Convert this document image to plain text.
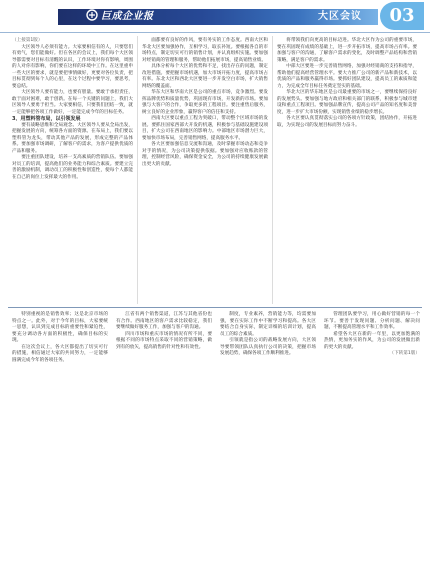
巨成企业报	大区会议	03

（上接第1版）

大区领导人必须有能力。大家要相信有的人，只要您们有勇气，您们能做好。但在各区的会议上，我们每个大区领导都需要对目标有清醒的认识，工作环境对你有影响，周围的人对你有影响，你们要在这样的环境中工作。在这里重申一些大区的要求，就是要把事情做好，更要对各位负责，把目标贯彻到每个人的心里，在这个过程中要学习，要思考，要总结。

大区领导人要有能力，也要有胆量。要敢于承担责任，敢于面对困难，敢于创新。在每一个关键的问题上，我们大区领导人要勇于担当。大家要相信，只要我们团结一致，就一定能够把各项工作做好，一定能完成今年的目标任务。

3、用塑料管布局，以引领发展

要有战略思维和全局观念。大区领导人要从全局出发，把握发展的方向，统筹各方面的资源。在布局上，我们要以塑料管为龙头，带动其他产品的发展，形成完整的产品体系。要加强市场调研，了解客户的需求，为客户提供优质的产品和服务。

要注重团队建设，培养一支高素质的营销队伍。要加强对员工的培训，提高他们的业务能力和综合素质。要建立完善的激励机制，调动员工的积极性和创造性，使每个人都能在自己的岗位上发挥最大的作用。

面都要有良好的作风，要有务实的工作态度。西南大区和华北大区要加强协作，互相学习，取长补短。要根据各自的市场特点，制定切实可行的销售计划，并认真组织实施。要加强对经销商的管理和服务，帮助他们拓展市场，提高销售业绩。

具体分析每个大区的优势和不足，找出存在的问题，制定改进措施。要把握市场机遇，加大市场开拓力度，提高市场占有率。东北大区和西北大区要进一步开发空白市场，扩大销售网络的覆盖面。

华东大区和华南大区是公司的重点市场，竞争激烈。要发挥品牌优势和质量优势，巩固现有市场，开发新的市场。要加强与大客户的合作，争取更多的工程项目。要注重售后服务，树立良好的企业形象，赢得客户的信任和支持。

西南大区要以重点工程为突破口，带动整个区域市场的发展。要抓住国家西部大开发的机遇，积极参与基础设施建设项目，扩大公司在西南地区的影响力。中部地区市场潜力巨大，要加快市场布局，完善销售网络，提高服务水平。

各大区要加强信息交流和沟通，及时掌握市场动态和竞争对手的情况，为公司决策提供依据。要加强对应收账款的管理，控制经营风险，确保资金安全，为公司的持续健康发展做出更大的贡献。

将带领我们向更高的目标迈进。华北大区作为公司的重要市场，要在巩固现有成绩的基础上，进一步开拓市场，提高市场占有率。要加强与客户的沟通，了解客户需求的变化，及时调整产品结构和营销策略，满足客户的需求。

中部大区要进一步完善销售网络，加强对经销商的支持和指导，帮助他们提高经营管理水平。要大力推广公司的新产品和新技术，以优质的产品和服务赢得市场。要抓好团队建设，提高员工的素质和能力，为完成全年目标任务奠定坚实的基础。

华北大区的华东地区是公司最重要的市场之一，要继续保持良好的发展势头。要加强与地方政府和相关部门的联系，积极参与城市建设和重点工程项目。要加强品牌宣传，提高公司产品的知名度和美誉度，进一步扩大市场份额，实现销售业绩的稳步增长。

各大区要认真贯彻落实公司的各项方针政策，团结协作，开拓进取，为实现公司的发展目标而努力奋斗。

特别重视的是销售效率；这是北京市场的特点之一。此外，对于今年的目标，大家要统一思想，认识到完成目标的重要性和紧迫性，要充分调动各方面的积极性，确保目标的实现。

在这次会议上，各大区都提出了切实可行的措施，相信通过大家的共同努力，一定能够圆满完成今年的各项任务。

江省有两个销售渠道，江苏与其他省份也有合作。西南地区的客户需求比较稳定，我们要继续做好服务工作，加强与客户的沟通。

四川市场和重庆市场的情况有所不同，要根据不同的市场特点采取不同的营销策略，做到有的放矢，提高销售的针对性和有效性。

制度，专业素养，营销能力等，均需要加强，要在实际工作中不断学习和提高。各大区要结合自身实际，制定详细的培训计划，提高员工的综合素质。

引领就是指公司的战略发展方向，大区领导要带领团队认真执行公司的决策，把握市场发展趋势，确保各项工作顺利推进。

管理团队要学习，用心做好营销的每一个环节。要善于发现问题、分析问题、解决问题，不断提高管理水平和工作效率。

希望各大区在新的一年里，以更加饱满的热情，更加务实的作风，为公司的发展做出新的更大的贡献。

（下转第1版）
